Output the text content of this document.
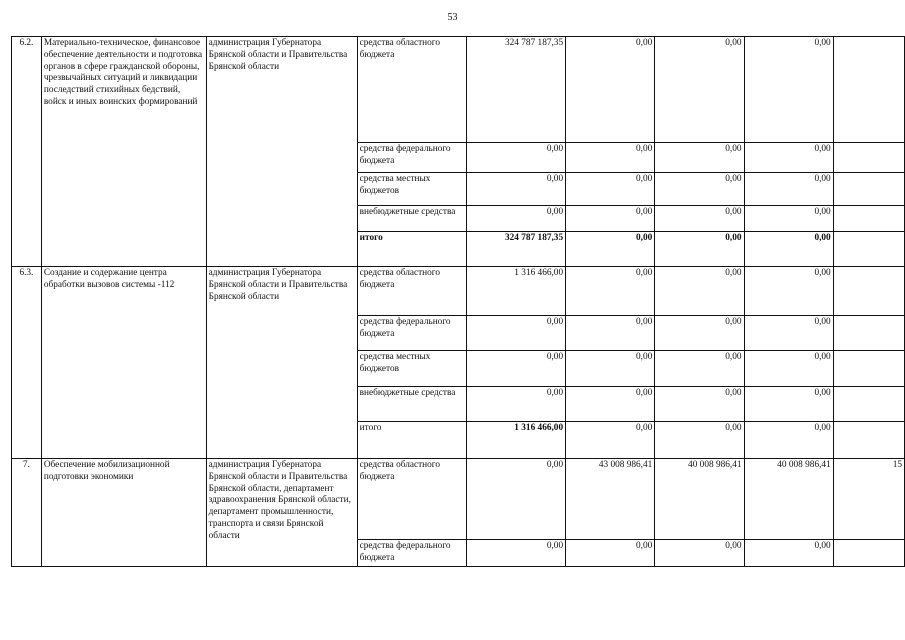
53
6.2.	Материально-техническое, финансовое обеспечение деятельности и подготовка органов в сфере гражданской обороны, чрезвычайных ситуаций и ликвидации последствий стихийных бедствий, войск и иных воинских формирований	администрация Губернатора Брянской области и Правительства Брянской области	средства областного бюджета	324 787 187,35	0,00	0,00	0,00	
			средства федерального бюджета	0,00	0,00	0,00	0,00	
			средства местных бюджетов	0,00	0,00	0,00	0,00	
			внебюджетные средства	0,00	0,00	0,00	0,00	
			итого	324 787 187,35	0,00	0,00	0,00	
6.3.	Создание и содержание центра обработки вызовов системы -112	администрация Губернатора Брянской области и Правительства Брянской области	средства областного бюджета	1 316 466,00	0,00	0,00	0,00	
			средства федерального бюджета	0,00	0,00	0,00	0,00	
			средства местных бюджетов	0,00	0,00	0,00	0,00	
			внебюджетные средства	0,00	0,00	0,00	0,00	
			итого	1 316 466,00	0,00	0,00	0,00	
7.	Обеспечение мобилизационной подготовки экономики	администрация Губернатора Брянской области и Правительства Брянской области, департамент здравоохранения Брянской области, департамент промышленности, транспорта и связи Брянской области	средства областного бюджета	0,00	43 008 986,41	40 008 986,41	40 008 986,41	15
			средства федерального бюджета	0,00	0,00	0,00	0,00	
